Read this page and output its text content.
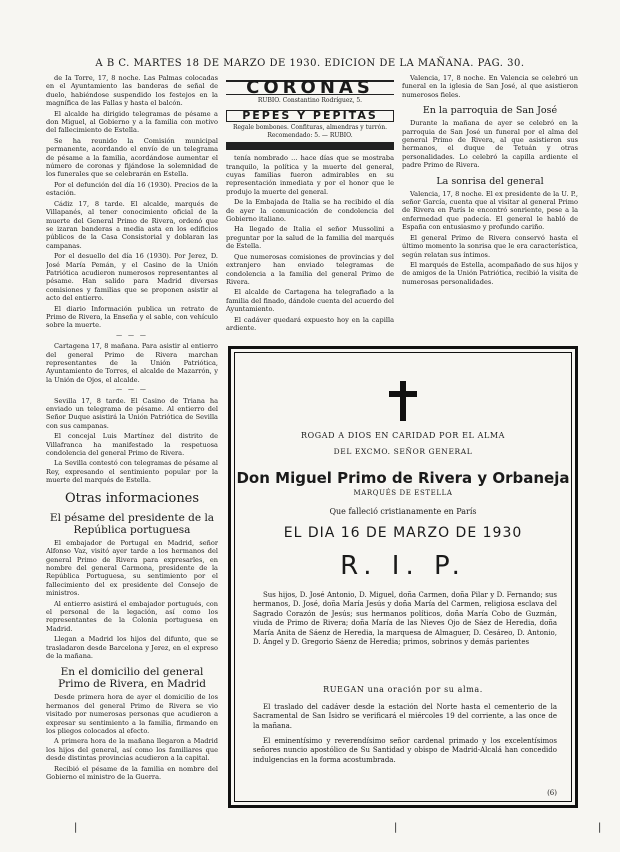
A B C. MARTES 18 DE MARZO DE 1930. EDICION DE LA MAÑANA. PAG. 30.

de Ia Torre, 17, 8 noche. Las Palmas colocadas en el Ayuntamiento las banderas de señal de duelo, habiéndose suspendido los festejos en la magnífica de las Fallas y hasta el balcón.

El alcalde ha dirigido telegramas de pésame a don Miguel, al Gobierno y a la familia con motivo del fallecimiento de Estella.

Se ha reunido la Comisión municipal permanente, acordando el envío de un telegrama de pésame a la familia, acordándose aumentar el número de coronas y fijándose la solemnidad de los funerales que se celebrarán en Estella.

Por el defunción del día 16 (1930). Precios de la estación.

Cádiz 17, 8 tarde. El alcalde, marqués de Villapanés, al tener conocimiento oficial de la muerte del General Primo de Rivera, ordenó que se izaran banderas a media asta en los edificios públicos de la Casa Consistorial y doblaran las campanas.

Por el desuello del día 16 (1930). Por Jerez, D. José María Pemán, y el Casino de la Unión Patriótica acudieron numerosos representantes al pésame. Han salido para Madrid diversas comisiones y familias que se proponen asistir al acto del entierro.

El diario Información publica un retrato de Primo de Rivera, la Enseña y el sable, con vehículo sobre la muerte.

— — —

Cartagena 17, 8 mañana. Para asistir al entierro del general Primo de Rivera marchan representantes de la Unión Patriótica, Ayuntamiento de Torres, el alcalde de Mazarrón, y la Unión de Ojos, el alcalde.

— — —

Sevilla 17, 8 tarde. El Casino de Triana ha enviado un telegrama de pésame. Al entierro del Señor Duque asistirá la Unión Patriótica de Sevilla con sus campanas.

El concejal Luis Martínez del distrito de Villafranca ha manifestado la respetuosa condolencia del general Primo de Rivera.

La Sevilla contestó con telegramas de pésame al Rey, expresando el sentimiento popular por la muerte del marqués de Estella.

Otras informaciones
El pésame del presidente de la República portuguesa

El embajador de Portugal en Madrid, señor Alfonso Vaz, visitó ayer tarde a los hermanos del general Primo de Rivera para expresarles, en nombre del general Carmona, presidente de la República Portuguesa, su sentimiento por el fallecimiento del ex presidente del Consejo de ministros.

Al entierro asistirá el embajador portugués, con el personal de la legación, así como los representantes de la Colonia portuguesa en Madrid.

Llegan a Madrid los hijos del difunto, que se trasladaron desde Barcelona y Jerez, en el expreso de la mañana.

En el domicilio del general Primo de Rivera, en Madrid

Desde primera hora de ayer el domicilio de los hermanos del general Primo de Rivera se vio visitado por numerosas personas que acudieron a expresar su sentimiento a la familia, firmando en los pliegos colocados al efecto.

A primera hora de la mañana llegaron a Madrid los hijos del general, así como los familiares que desde distintas provincias acudieron a la capital.

Recibió el pésame de la familia en nombre del Gobierno el ministro de la Guerra.

CORONAS
RUBIO. Constantino Rodríguez, 5.
PEPES Y PEPITAS
Regale bombones. Confituras, almendras y turrón. Recomendado: 5. — RUBIO.

tenía nombrado ... hace días que se mostraba tranquilo, la política y la muerte del general, cuyas familias fueron admirables en su representación inmediata y por el honor que le produjo la muerte del general.

De la Embajada de Italia se ha recibido el día de ayer la comunicación de condolencia del Gobierno italiano.

Ha llegado de Italia el señor Mussolini a preguntar por la salud de la familia del marqués de Estella.

Que numerosas comisiones de provincias y del extranjero han enviado telegramas de condolencia a la familia del general Primo de Rivera.

El alcalde de Cartagena ha telegrafiado a la familia del finado, dándole cuenta del acuerdo del Ayuntamiento.

El cadáver quedará expuesto hoy en la capilla ardiente.

Valencia, 17, 8 noche. En Valencia se celebró un funeral en la iglesia de San José, al que asistieron numerosos fieles.

En la parroquia de San José

Durante la mañana de ayer se celebró en la parroquia de San José un funeral por el alma del general Primo de Rivera, al que asistieron sus hermanos, el duque de Tetuán y otras personalidades. Lo celebró la capilla ardiente el padre Primo de Rivera.

La sonrisa del general

Valencia, 17, 8 noche. El ex presidente de la U. P., señor García, cuenta que al visitar al general Primo de Rivera en París le encontró sonriente, pese a la enfermedad que padecía. El general le habló de España con entusiasmo y profundo cariño.

El general Primo de Rivera conservó hasta el último momento la sonrisa que le era característica, según relatan sus íntimos.

El marqués de Estella, acompañado de sus hijos y de amigos de la Unión Patriótica, recibió la visita de numerosas personalidades.

ROGAD A DIOS EN CARIDAD POR EL ALMA
DEL EXCMO. SEÑOR GENERAL
Don Miguel Primo de Rivera y Orbaneja
MARQUÉS DE ESTELLA
Que falleció cristianamente en París
EL DIA 16 DE MARZO DE 1930
R. I. P.

Sus hijos, D. José Antonio, D. Miguel, doña Carmen, doña Pilar y D. Fernando; sus hermanos, D. José, doña María Jesús y doña María del Carmen, religiosa esclava del Sagrado Corazón de Jesús; sus hermanos políticos, doña María Cobo de Guzmán, viuda de Primo de Rivera; doña María de las Nieves Ojo de Sáez de Heredia, doña María Anita de Sáenz de Heredia, la marquesa de Almaguer, D. Cesáreo, D. Antonio, D. Ángel y D. Gregorio Sáenz de Heredia; primos, sobrinos y demás parientes

RUEGAN una oración por su alma.

El traslado del cadáver desde la estación del Norte hasta el cementerio de la Sacramental de San Isidro se verificará el miércoles 19 del corriente, a las once de la mañana.

El eminentísimo y reverendísimo señor cardenal primado y los excelentísimos señores nuncio apostólico de Su Santidad y obispo de Madrid-Alcalá han concedido indulgencias en la forma acostumbrada.

(6)
|	|	|
